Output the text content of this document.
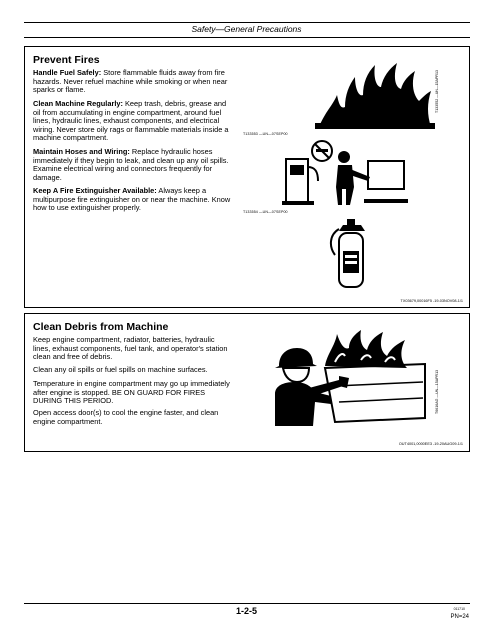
Safety—General Precautions
Prevent Fires

Handle Fuel Safely: Store flammable fluids away from fire hazards. Never refuel machine while smoking or when near sparks or flame.

Clean Machine Regularly: Keep trash, debris, grease and oil from accumulating in engine compartment, around fuel lines, hydraulic lines, exhaust components, and electrical wiring. Never store oily rags or flammable materials inside a machine compartment.

Maintain Hoses and Wiring: Replace hydraulic hoses immediately if they begin to leak, and clean up any oil spills. Examine electrical wiring and connectors frequently for damage.

Keep A Fire Extinguisher Available: Always keep a multipurpose fire extinguisher on or near the machine. Know how to use extinguisher properly.

T133552 —UN—15APR13
T133553 —UN—07SEP00
T133554 —UN—07SEP00
TX03679,00016F5 -19-03NOV08-1/1
Clean Debris from Machine

Keep engine compartment, radiator, batteries, hydraulic lines, exhaust components, fuel tank, and operator's station clean and free of debris.

Clean any oil spills or fuel spills on machine surfaces.

Temperature in engine compartment may go up immediately after engine is stopped. BE ON GUARD FOR FIRES DURING THIS PERIOD.

Open access door(s) to cool the engine faster, and clean engine compartment.

T6616AG —UN—15APR13
OUT4001,0000EE3 -19-20AUG09-1/1
1-2-5	011710
PN=24
